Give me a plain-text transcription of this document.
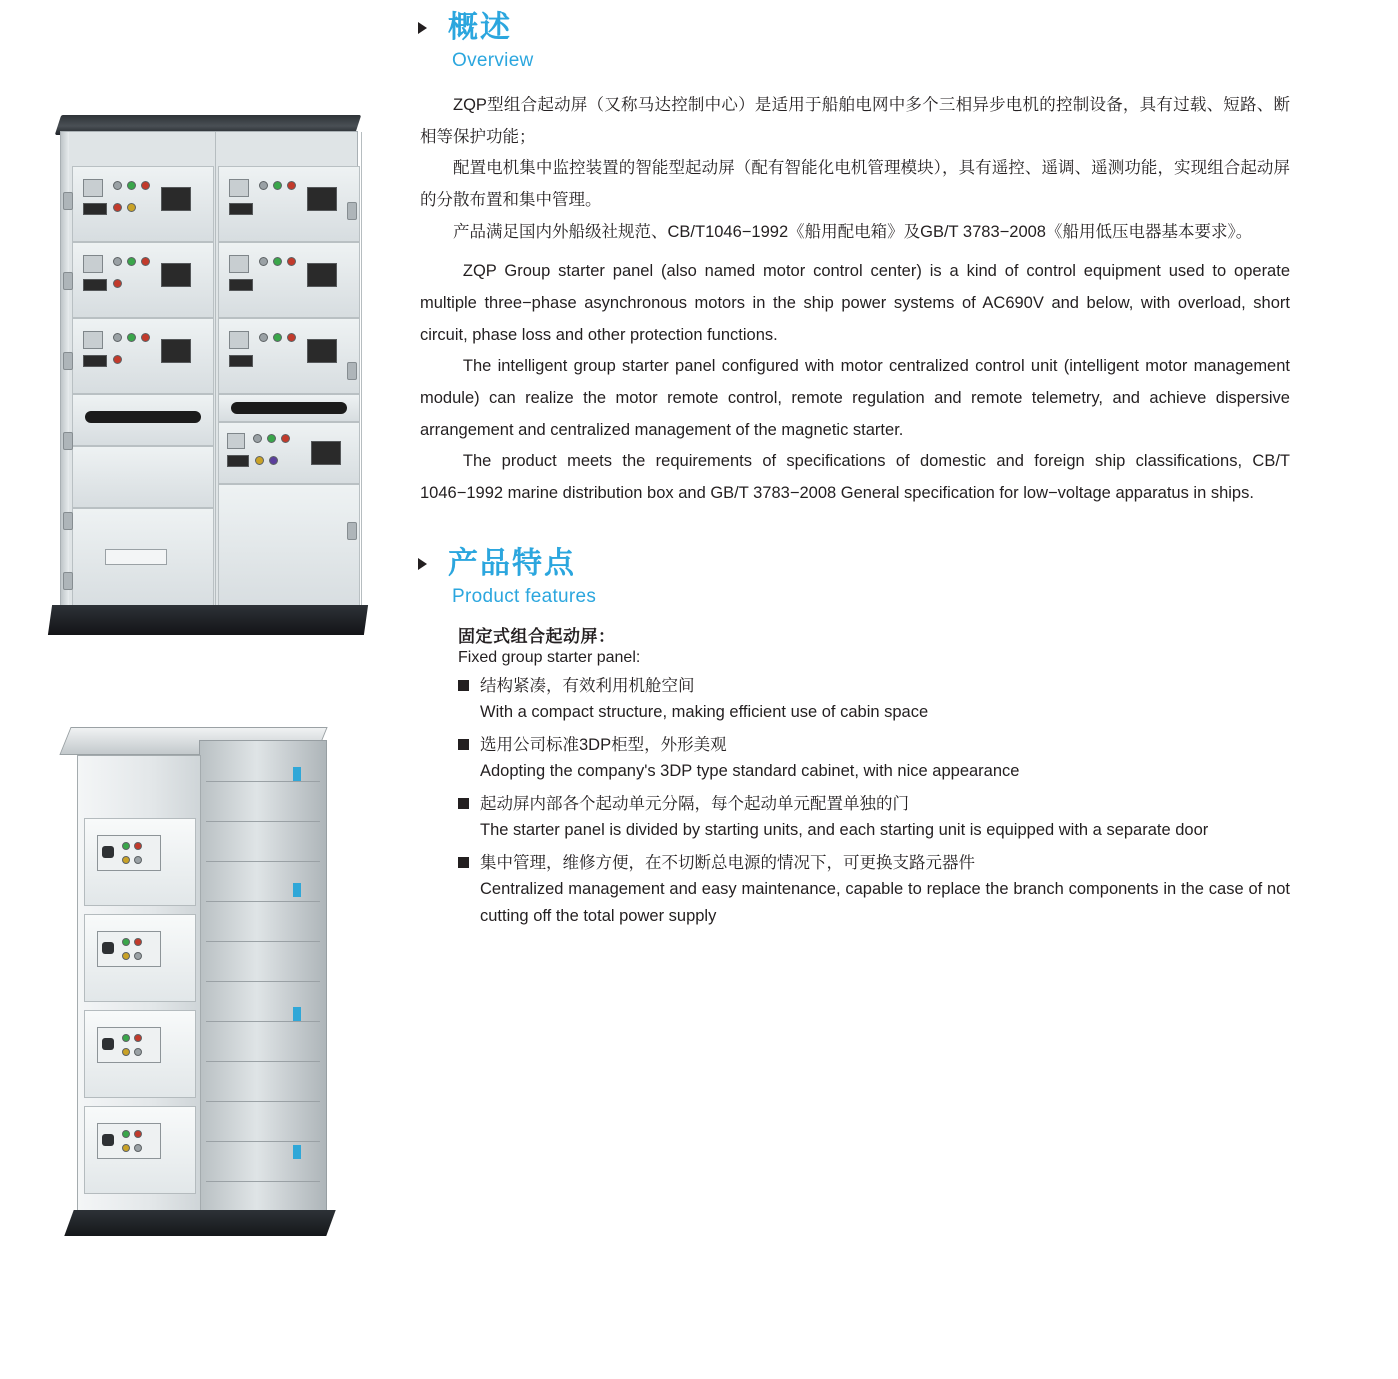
概述
Overview

ZQP型组合起动屏（又称马达控制中心）是适用于船舶电网中多个三相异步电机的控制设备，具有过载、短路、断相等保护功能；

配置电机集中监控装置的智能型起动屏（配有智能化电机管理模块），具有遥控、遥调、遥测功能，实现组合起动屏的分散布置和集中管理。

产品满足国内外船级社规范、CB/T1046−1992《船用配电箱》及GB/T 3783−2008《船用低压电器基本要求》。

ZQP Group starter panel (also named motor control center) is a kind of control equipment used to operate multiple three−phase asynchronous motors in the ship power systems of AC690V and below, with overload, short circuit, phase loss and other protection functions.

The intelligent group starter panel configured with motor centralized control unit (intelligent motor management module) can realize the motor remote control, remote regulation and remote telemetry, and achieve dispersive arrangement and centralized management of the magnetic starter.

The product meets the requirements of specifications of domestic and foreign ship classifications, CB/T 1046−1992 marine distribution box and GB/T 3783−2008 General specification for low−voltage apparatus in ships.

产品特点
Product features
固定式组合起动屏：
Fixed group starter panel:
结构紧凑，有效利用机舱空间
With a compact structure, making efficient use of cabin space
选用公司标准3DP柜型，外形美观
Adopting the company's 3DP type standard cabinet, with nice appearance
起动屏内部各个起动单元分隔，每个起动单元配置单独的门
The starter panel is divided by starting units, and each starting unit is equipped with a separate door
集中管理，维修方便，在不切断总电源的情况下，可更换支路元器件
Centralized management and easy maintenance, capable to replace the branch components in the case of not cutting off the total power supply
